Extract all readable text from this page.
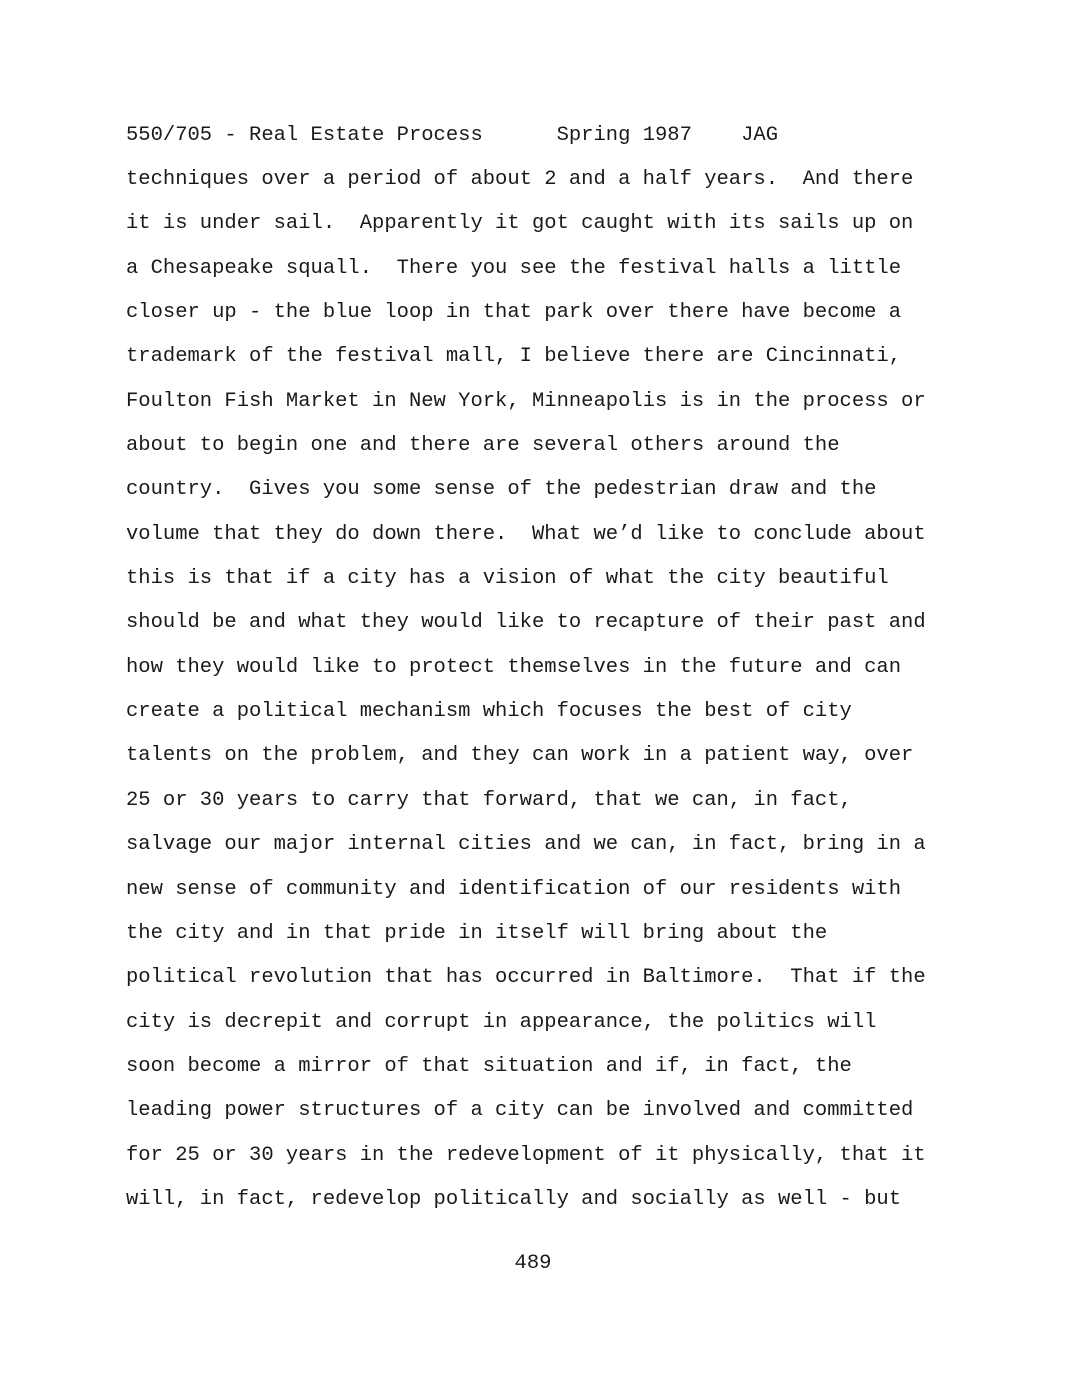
550/705 - Real Estate Process	Spring 1987 JAG
techniques over a period of about 2 and a half years.  And there
it is under sail.  Apparently it got caught with its sails up on
a Chesapeake squall.  There you see the festival halls a little
closer up - the blue loop in that park over there have become a
trademark of the festival mall, I believe there are Cincinnati,
Foulton Fish Market in New York, Minneapolis is in the process or
about to begin one and there are several others around the
country.  Gives you some sense of the pedestrian draw and the
volume that they do down there.  What we’d like to conclude about
this is that if a city has a vision of what the city beautiful
should be and what they would like to recapture of their past and
how they would like to protect themselves in the future and can
create a political mechanism which focuses the best of city
talents on the problem, and they can work in a patient way, over
25 or 30 years to carry that forward, that we can, in fact,
salvage our major internal cities and we can, in fact, bring in a
new sense of community and identification of our residents with
the city and in that pride in itself will bring about the
political revolution that has occurred in Baltimore.  That if the
city is decrepit and corrupt in appearance, the politics will
soon become a mirror of that situation and if, in fact, the
leading power structures of a city can be involved and committed
for 25 or 30 years in the redevelopment of it physically, that it
will, in fact, redevelop politically and socially as well - but
489
